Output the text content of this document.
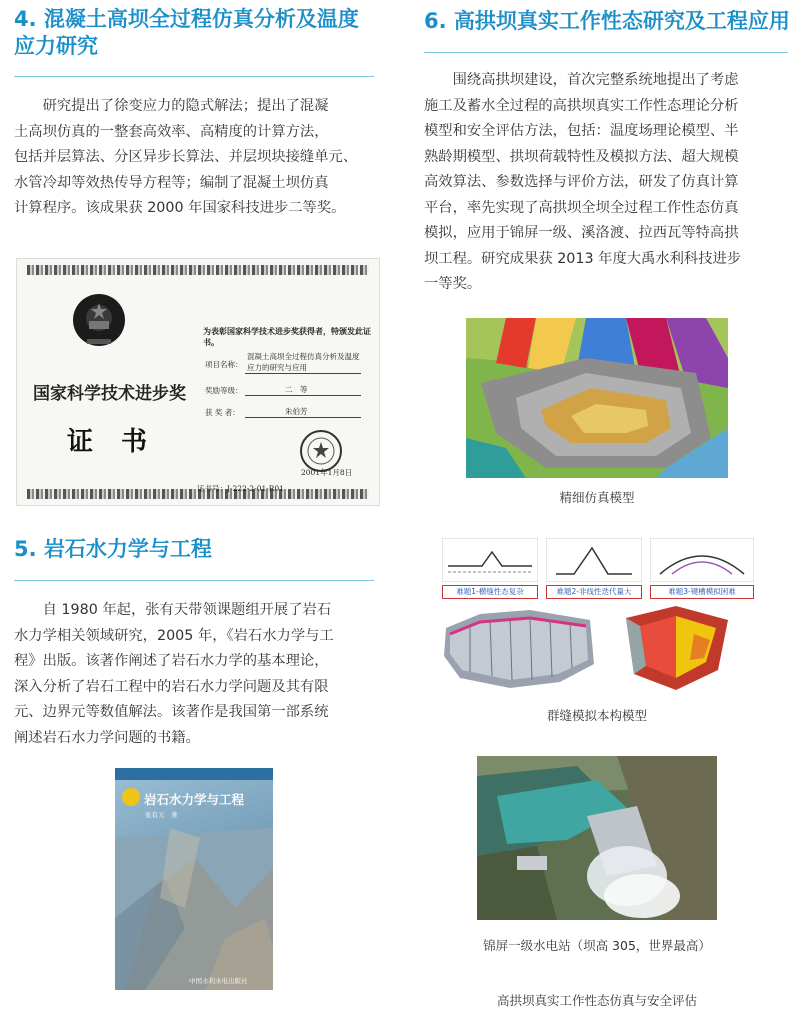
4. 混凝土高坝全过程仿真分析及温度
应力研究

　　研究提出了徐变应力的隐式解法；提出了混凝

土高坝仿真的一整套高效率、高精度的计算方法，

包括并层算法、分区异步长算法、并层坝块接缝单元、

水管冷却等效热传导方程等；编制了混凝土坝仿真

计算程序。该成果获 2000 年国家科技进步二等奖。

国家科学技术进步奖
证书
为表彰国家科学技术进步奖获得者，特颁发此证书。
项目名称：
混凝土高坝全过程仿真分析及温度
应力的研究与应用
奖励等级：	二　等
获 奖 者：	朱伯芳
2001年1月8日
证书号：J-222-2-01-R01
5. 岩石水力学与工程

　　自 1980 年起，张有天带领课题组开展了岩石

水力学相关领域研究，2005 年，《岩石水力学与工

程》出版。该著作阐述了岩石水力学的基本理论，

深入分析了岩石工程中的岩石水力学问题及其有限

元、边界元等数值解法。该著作是我国第一部系统

阐述岩石水力学问题的书籍。

岩石水力学与工程
张有天　著
中国水利水电出版社
6. 高拱坝真实工作性态研究及工程应用

　　围绕高拱坝建设，首次完整系统地提出了考虑

施工及蓄水全过程的高拱坝真实工作性态理论分析

模型和安全评估方法，包括：温度场理论模型、半

熟龄期模型、拱坝荷载特性及模拟方法、超大规模

高效算法、参数选择与评价方法，研发了仿真计算

平台，率先实现了高拱坝全坝全过程工作性态仿真

模拟，应用于锦屏一级、溪洛渡、拉西瓦等特高拱

坝工程。研究成果获 2013 年度大禹水利科技进步

一等奖。

精细仿真模型
难题1-横缝性态复杂	难题2-非线性迭代量大	难题3-键槽模拟困难
群缝模拟本构模型
锦屏一级水电站（坝高 305，世界最高）
高拱坝真实工作性态仿真与安全评估
